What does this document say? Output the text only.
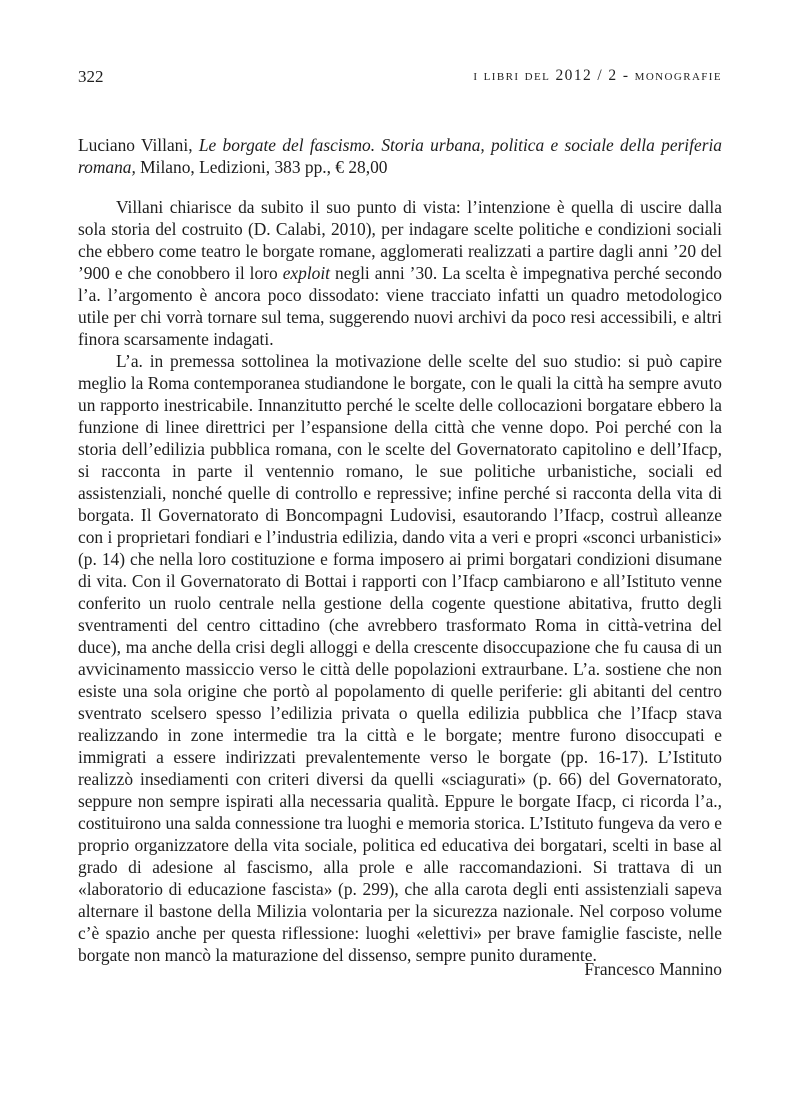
322	i libri del 2012 / 2 - monografie
Luciano Villani, Le borgate del fascismo. Storia urbana, politica e sociale della periferia romana, Milano, Ledizioni, 383 pp., € 28,00

Villani chiarisce da subito il suo punto di vista: l’intenzione è quella di uscire dalla sola storia del costruito (D. Calabi, 2010), per indagare scelte politiche e condizioni sociali che ebbero come teatro le borgate romane, agglomerati realizzati a partire dagli anni ’20 del ’900 e che conobbero il loro exploit negli anni ’30. La scelta è impegnativa perché secondo l’a. l’argomento è ancora poco dissodato: viene tracciato infatti un quadro metodologico utile per chi vorrà tornare sul tema, suggerendo nuovi archivi da poco resi accessibili, e altri finora scarsamente indagati.

L’a. in premessa sottolinea la motivazione delle scelte del suo studio: si può capire meglio la Roma contemporanea studiandone le borgate, con le quali la città ha sempre avuto un rapporto inestricabile. Innanzitutto perché le scelte delle collocazioni borgatare ebbero la funzione di linee direttrici per l’espansione della città che venne dopo. Poi perché con la storia dell’edilizia pubblica romana, con le scelte del Governatorato capitolino e dell’Ifacp, si racconta in parte il ventennio romano, le sue politiche urbanistiche, sociali ed assistenziali, nonché quelle di controllo e repressive; infine perché si racconta della vita di borgata. Il Governatorato di Boncompagni Ludovisi, esautorando l’Ifacp, costruì alleanze con i proprietari fondiari e l’industria edilizia, dando vita a veri e propri «sconci urbanistici» (p. 14) che nella loro costituzione e forma imposero ai primi borgatari condizioni disumane di vita. Con il Governatorato di Bottai i rapporti con l’Ifacp cambiarono e all’Istituto venne conferito un ruolo centrale nella gestione della cogente questione abitativa, frutto degli sventramenti del centro cittadino (che avrebbero trasformato Roma in città-vetrina del duce), ma anche della crisi degli alloggi e della crescente disoccupazione che fu causa di un avvicinamento massiccio verso le città delle popolazioni extraurbane. L’a. sostiene che non esiste una sola origine che portò al popolamento di quelle periferie: gli abitanti del centro sventrato scelsero spesso l’edilizia privata o quella edilizia pubblica che l’Ifacp stava realizzando in zone intermedie tra la città e le borgate; mentre furono disoccupati e immigrati a essere indirizzati prevalentemente verso le borgate (pp. 16-17). L’Istituto realizzò insediamenti con criteri diversi da quelli «sciagurati» (p. 66) del Governatorato, seppure non sempre ispirati alla necessaria qualità. Eppure le borgate Ifacp, ci ricorda l’a., costituirono una salda connessione tra luoghi e memoria storica. L’Istituto fungeva da vero e proprio organizzatore della vita sociale, politica ed educativa dei borgatari, scelti in base al grado di adesione al fascismo, alla prole e alle raccomandazioni. Si trattava di un «laboratorio di educazione fascista» (p. 299), che alla carota degli enti assistenziali sapeva alternare il bastone della Milizia volontaria per la sicurezza nazionale. Nel corposo volume c’è spazio anche per questa riflessione: luoghi «elettivi» per brave famiglie fasciste, nelle borgate non mancò la maturazione del dissenso, sempre punito duramente.

Francesco Mannino
